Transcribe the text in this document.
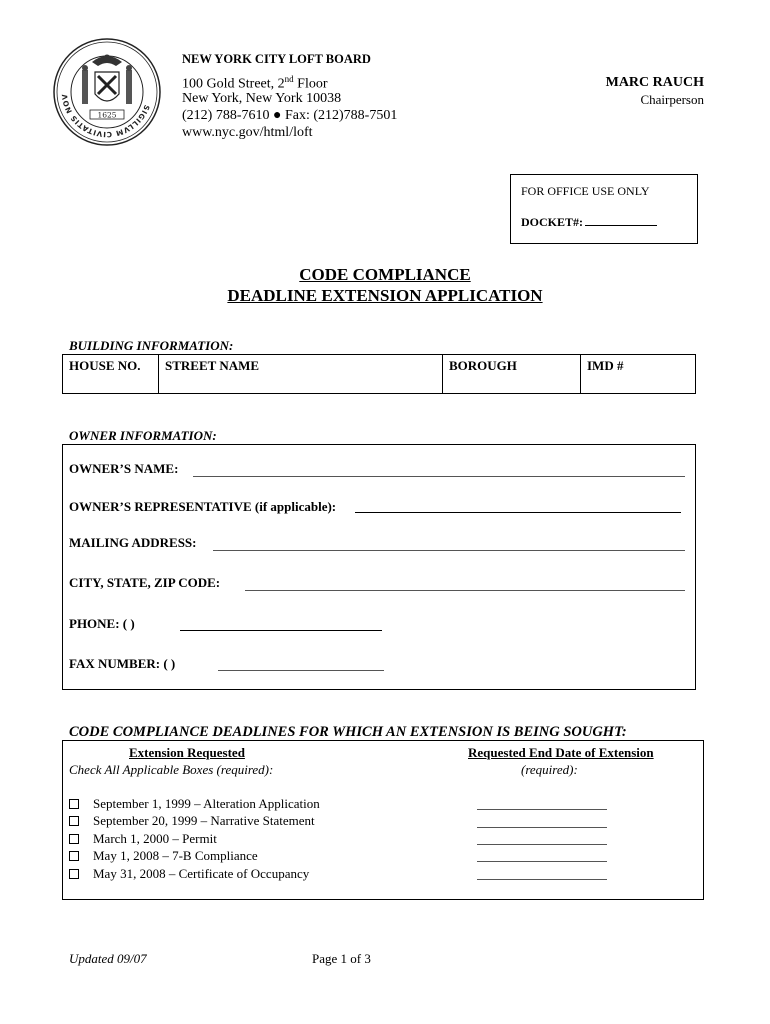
SIGILLVM CIVITATIS NOV
1625
NEW YORK CITY LOFT BOARD
100 Gold Street, 2nd Floor
New York, New York 10038
(212) 788-7610 ● Fax: (212)788-7501
www.nyc.gov/html/loft
MARC RAUCH
Chairperson
FOR OFFICE USE ONLY
DOCKET#:
CODE COMPLIANCE
DEADLINE EXTENSION APPLICATION
BUILDING INFORMATION:
HOUSE NO.	STREET NAME	BOROUGH	IMD #
OWNER INFORMATION:
OWNER’S NAME:
OWNER’S REPRESENTATIVE (if applicable):
MAILING ADDRESS:
CITY, STATE, ZIP CODE:
PHONE: ( )
FAX NUMBER: ( )
CODE COMPLIANCE DEADLINES FOR WHICH AN EXTENSION IS BEING SOUGHT:
Extension Requested
Check All Applicable Boxes (required):
Requested End Date of Extension
(required):
September 1, 1999 – Alteration Application
September 20, 1999 – Narrative Statement
March 1, 2000 – Permit
May 1, 2008 – 7-B Compliance
May 31, 2008 – Certificate of Occupancy
Updated 09/07	Page 1 of 3
